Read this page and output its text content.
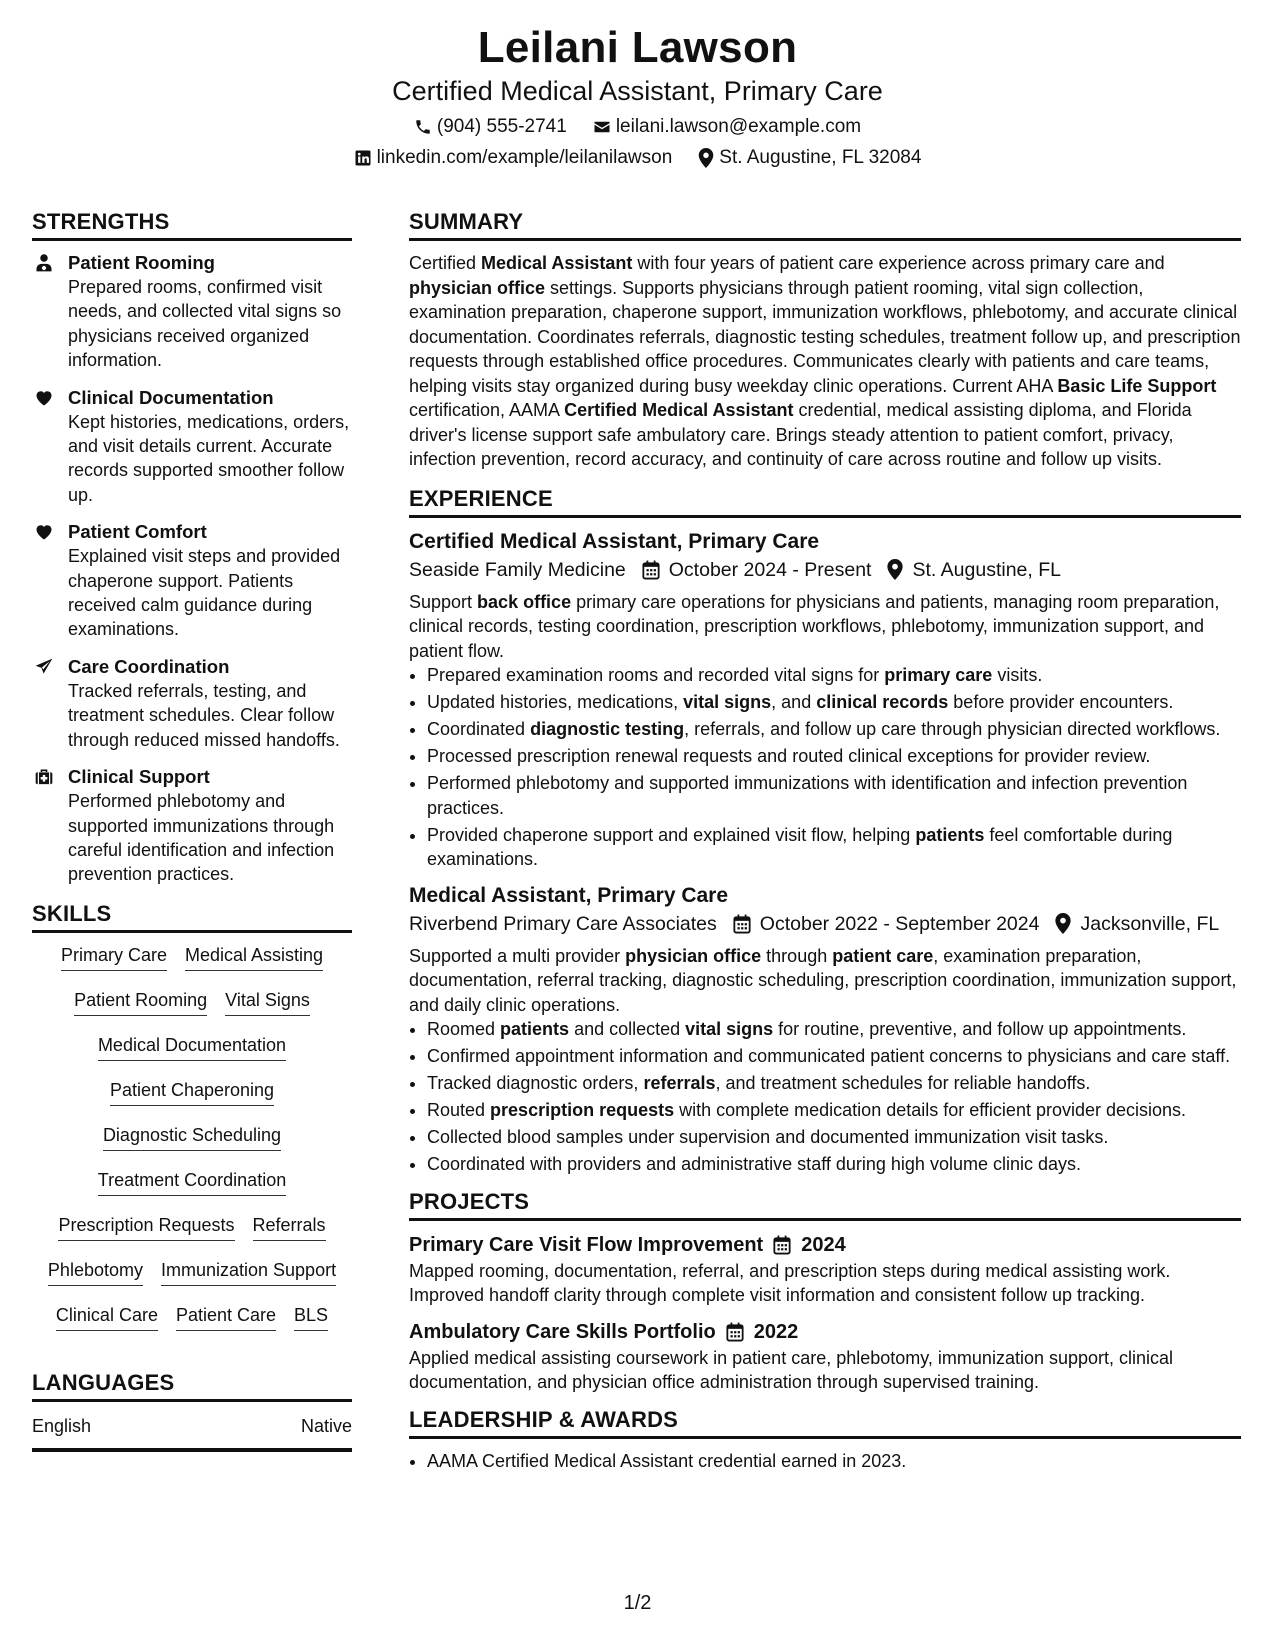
Leilani Lawson
Certified Medical Assistant, Primary Care
(904) 555-2741	leilani.lawson@example.com
linkedin.com/example/leilanilawson St. Augustine, FL 32084
STRENGTHS
Patient Rooming
Prepared rooms, confirmed visit needs, and collected vital signs so physicians received organized information.
Clinical Documentation
Kept histories, medications, orders, and visit details current. Accurate records supported smoother follow up.
Patient Comfort
Explained visit steps and provided chaperone support. Patients received calm guidance during examinations.
Care Coordination
Tracked referrals, testing, and treatment schedules. Clear follow through reduced missed handoffs.
Clinical Support
Performed phlebotomy and supported immunizations through careful identification and infection prevention practices.
SKILLS
Primary Care Medical Assisting
Patient Rooming Vital Signs
Medical Documentation
Patient Chaperoning
Diagnostic Scheduling
Treatment Coordination
Prescription Requests Referrals
Phlebotomy Immunization Support
Clinical Care Patient Care BLS
LANGUAGES
English	Native
SUMMARY
Certified Medical Assistant with four years of patient care experience across primary care and physician office settings. Supports physicians through patient rooming, vital sign collection, examination preparation, chaperone support, immunization workflows, phlebotomy, and accurate clinical documentation. Coordinates referrals, diagnostic testing schedules, treatment follow up, and prescription requests through established office procedures. Communicates clearly with patients and care teams, helping visits stay organized during busy weekday clinic operations. Current AHA Basic Life Support certification, AAMA Certified Medical Assistant credential, medical assisting diploma, and Florida driver's license support safe ambulatory care. Brings steady attention to patient comfort, privacy, infection prevention, record accuracy, and continuity of care across routine and follow up visits.
EXPERIENCE
Certified Medical Assistant, Primary Care
Seaside Family Medicine October 2024 - Present St. Augustine, FL
Support back office primary care operations for physicians and patients, managing room preparation, clinical records, testing coordination, prescription workflows, phlebotomy, immunization support, and patient flow.
• Prepared examination rooms and recorded vital signs for primary care visits.
• Updated histories, medications, vital signs, and clinical records before provider encounters.
• Coordinated diagnostic testing, referrals, and follow up care through physician directed workflows.
• Processed prescription renewal requests and routed clinical exceptions for provider review.
• Performed phlebotomy and supported immunizations with identification and infection prevention practices.
• Provided chaperone support and explained visit flow, helping patients feel comfortable during examinations.
Medical Assistant, Primary Care
Riverbend Primary Care Associates October 2022 - September 2024 Jacksonville, FL
Supported a multi provider physician office through patient care, examination preparation, documentation, referral tracking, diagnostic scheduling, prescription coordination, immunization support, and daily clinic operations.
• Roomed patients and collected vital signs for routine, preventive, and follow up appointments.
• Confirmed appointment information and communicated patient concerns to physicians and care staff.
• Tracked diagnostic orders, referrals, and treatment schedules for reliable handoffs.
• Routed prescription requests with complete medication details for efficient provider decisions.
• Collected blood samples under supervision and documented immunization visit tasks.
• Coordinated with providers and administrative staff during high volume clinic days.
PROJECTS
Primary Care Visit Flow Improvement 2024
Mapped rooming, documentation, referral, and prescription steps during medical assisting work. Improved handoff clarity through complete visit information and consistent follow up tracking.
Ambulatory Care Skills Portfolio 2022
Applied medical assisting coursework in patient care, phlebotomy, immunization support, clinical documentation, and physician office administration through supervised training.
LEADERSHIP & AWARDS
• AAMA Certified Medical Assistant credential earned in 2023.
1/2
